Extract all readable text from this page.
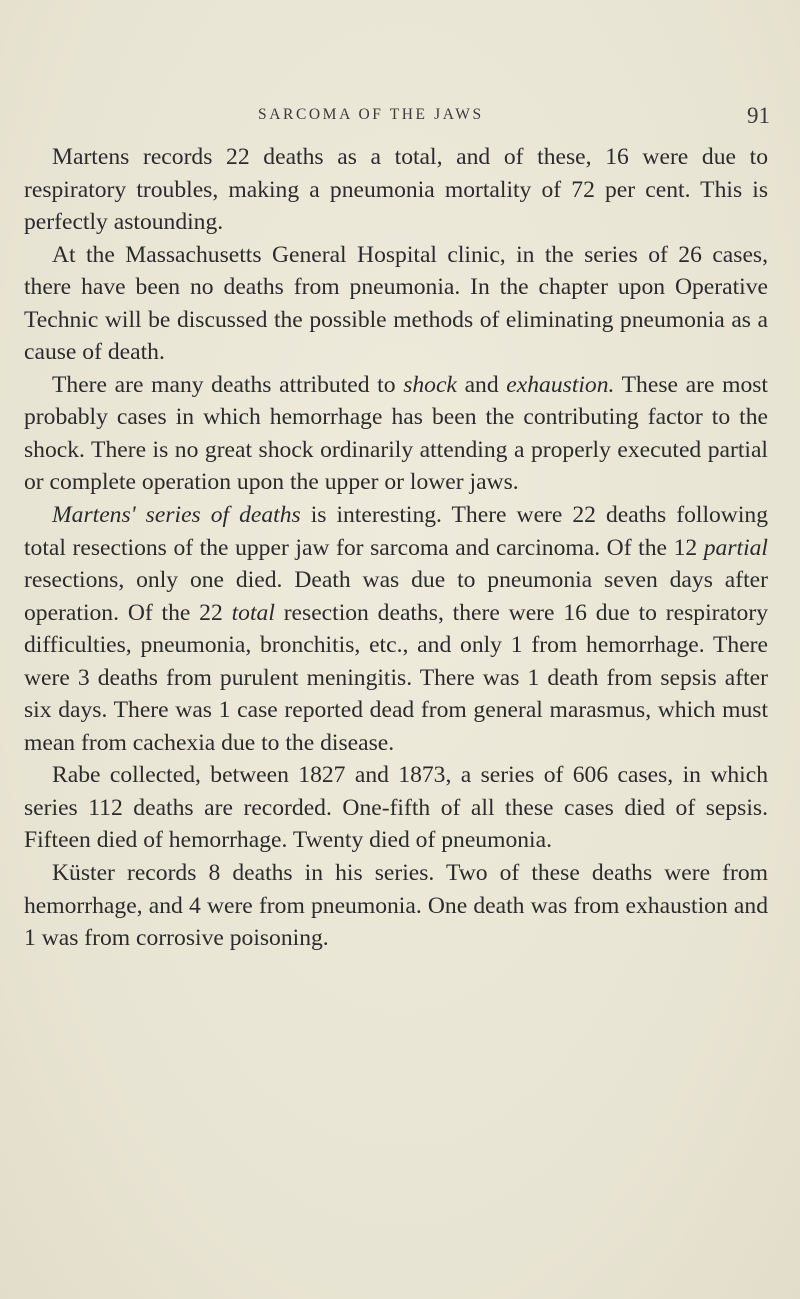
SARCOMA OF THE JAWS	91

Martens records 22 deaths as a total, and of these, 16 were due to respiratory troubles, making a pneumonia mortality of 72 per cent. This is perfectly astounding.

At the Massachusetts General Hospital clinic, in the series of 26 cases, there have been no deaths from pneumonia. In the chapter upon Operative Technic will be discussed the possible methods of eliminating pneumonia as a cause of death.

There are many deaths attributed to shock and exhaustion. These are most probably cases in which hemorrhage has been the contributing factor to the shock. There is no great shock ordinarily attending a properly executed partial or complete operation upon the upper or lower jaws.

Martens' series of deaths is interesting. There were 22 deaths following total resections of the upper jaw for sarcoma and carcinoma. Of the 12 partial resections, only one died. Death was due to pneumonia seven days after operation. Of the 22 total resection deaths, there were 16 due to respiratory difficulties, pneumonia, bronchitis, etc., and only 1 from hemorrhage. There were 3 deaths from purulent meningitis. There was 1 death from sepsis after six days. There was 1 case reported dead from general marasmus, which must mean from cachexia due to the disease.

Rabe collected, between 1827 and 1873, a series of 606 cases, in which series 112 deaths are recorded. One-fifth of all these cases died of sepsis. Fifteen died of hemorrhage. Twenty died of pneumonia.

Küster records 8 deaths in his series. Two of these deaths were from hemorrhage, and 4 were from pneumonia. One death was from exhaustion and 1 was from corrosive poisoning.
